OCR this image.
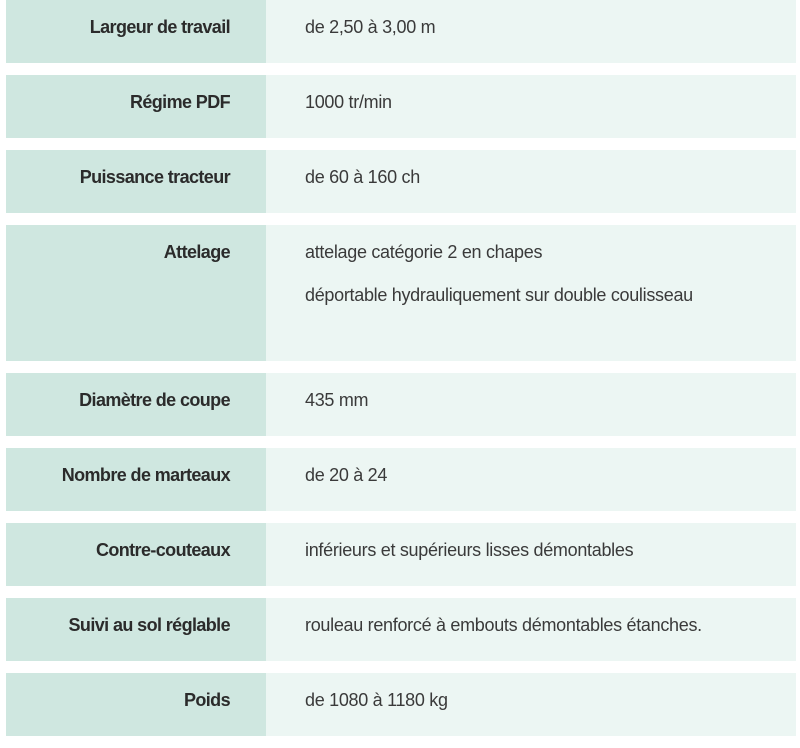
Largeur de travail	de 2,50 à 3,00 m
Régime PDF	1000 tr/min
Puissance tracteur	de 60 à 160 ch
Attelage	attelage catégorie 2 en chapes
déportable hydrauliquement sur double coulisseau
Diamètre de coupe	435 mm
Nombre de marteaux	de 20 à 24
Contre-couteaux	inférieurs et supérieurs lisses démontables
Suivi au sol réglable	rouleau renforcé à embouts démontables étanches.
Poids	de 1080 à 1180 kg
